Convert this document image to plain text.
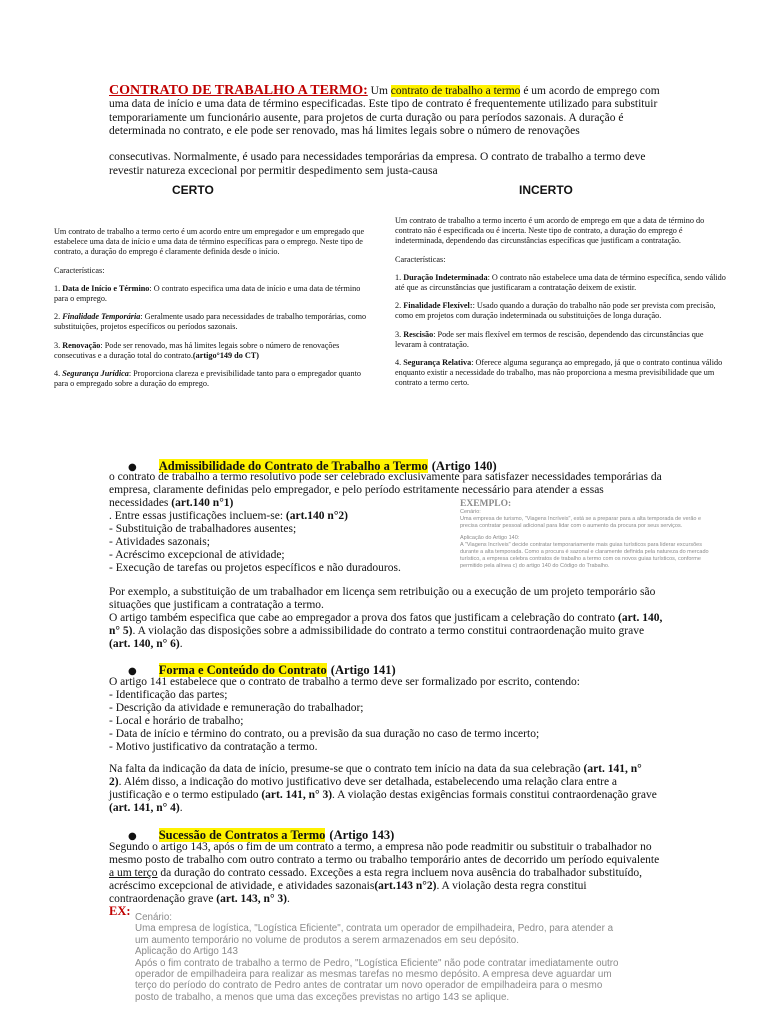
CONTRATO DE TRABALHO A TERMO: Um contrato de trabalho a termo é um acordo de emprego com uma data de início e uma data de término especificadas. Este tipo de contrato é frequentemente utilizado para substituir temporariamente um funcionário ausente, para projetos de curta duração ou para períodos sazonais. A duração é determinada no contrato, e ele pode ser renovado, mas há limites legais sobre o número de renovações
consecutivas. Normalmente, é usado para necessidades temporárias da empresa. O contrato de trabalho a termo deve revestir natureza excecional por permitir despedimento sem justa-causa
CERTO

Um contrato de trabalho a termo certo é um acordo entre um empregador e um empregado que estabelece uma data de início e uma data de término específicas para o emprego. Neste tipo de contrato, a duração do emprego é claramente definida desde o início.

Características:

1. Data de Início e Término: O contrato especifica uma data de início e uma data de término para o emprego.

2. Finalidade Temporária: Geralmente usado para necessidades de trabalho temporárias, como substituições, projetos específicos ou períodos sazonais.

3. Renovação: Pode ser renovado, mas há limites legais sobre o número de renovações consecutivas e a duração total do contrato.(artigo°149 do CT)

4. Segurança Jurídica: Proporciona clareza e previsibilidade tanto para o empregador quanto para o empregado sobre a duração do emprego.

INCERTO

Um contrato de trabalho a termo incerto é um acordo de emprego em que a data de término do contrato não é especificada ou é incerta. Neste tipo de contrato, a duração do emprego é indeterminada, dependendo das circunstâncias específicas que justificam a contratação.

Características:

1. Duração Indeterminada: O contrato não estabelece uma data de término específica, sendo válido até que as circunstâncias que justificaram a contratação deixem de existir.

2. Finalidade Flexível:: Usado quando a duração do trabalho não pode ser prevista com precisão, como em projetos com duração indeterminada ou substituições de longa duração.

3. Rescisão: Pode ser mais flexível em termos de rescisão, dependendo das circunstâncias que levaram à contratação.

4. Segurança Relativa: Oferece alguma segurança ao empregado, já que o contrato continua válido enquanto existir a necessidade do trabalho, mas não proporciona a mesma previsibilidade que um contrato a termo certo.

● Admissibilidade do Contrato de Trabalho a Termo (Artigo 140)
o contrato de trabalho a termo resolutivo pode ser celebrado exclusivamente para satisfazer necessidades temporárias da empresa, claramente definidas pelo empregador, e pelo período estritamente necessário para atender a essas necessidades (art.140 n°1)

. Entre essas justificações incluem-se: (art.140 n°2)

- Substituição de trabalhadores ausentes;

- Atividades sazonais;

- Acréscimo excepcional de atividade;

- Execução de tarefas ou projetos específicos e não duradouros.

EXEMPLO:
Cenário:
Uma empresa de turismo, "Viagens Incríveis", está se a preparar para a alta temporada de verão e precisa contratar pessoal adicional para lidar com o aumento da procura por seus serviços.
Aplicação do Artigo 140:
A "Viagens Incríveis" decide contratar temporariamente mais guias turísticos para liderar excursões durante a alta temporada. Como a procura é sazonal e claramente definida pela natureza do mercado turístico, a empresa celebra contratos de trabalho a termo com os novos guias turísticos, conforme permitido pela alínea c) do artigo 140 do Código do Trabalho.
Por exemplo, a substituição de um trabalhador em licença sem retribuição ou a execução de um projeto temporário são situações que justificam a contratação a termo.
O artigo também especifica que cabe ao empregador a prova dos fatos que justificam a celebração do contrato (art. 140, n° 5). A violação das disposições sobre a admissibilidade do contrato a termo constitui contraordenação muito grave (art. 140, n° 6).
● Forma e Conteúdo do Contrato (Artigo 141)

O artigo 141 estabelece que o contrato de trabalho a termo deve ser formalizado por escrito, contendo:

- Identificação das partes;

- Descrição da atividade e remuneração do trabalhador;

- Local e horário de trabalho;

- Data de início e término do contrato, ou a previsão da sua duração no caso de termo incerto;

- Motivo justificativo da contratação a termo.

Na falta da indicação da data de início, presume-se que o contrato tem início na data da sua celebração (art. 141, n° 2). Além disso, a indicação do motivo justificativo deve ser detalhada, estabelecendo uma relação clara entre a justificação e o termo estipulado (art. 141, n° 3). A violação destas exigências formais constitui contraordenação grave (art. 141, n° 4).
● Sucessão de Contratos a Termo (Artigo 143)
Segundo o artigo 143, após o fim de um contrato a termo, a empresa não pode readmitir ou substituir o trabalhador no mesmo posto de trabalho com outro contrato a termo ou trabalho temporário antes de decorrido um período equivalente a um terço da duração do contrato cessado. Exceções a esta regra incluem nova ausência do trabalhador substituído, acréscimo excepcional de atividade, e atividades sazonais(art.143 n°2). A violação desta regra constitui contraordenação grave (art. 143, n° 3).
EX: Cenário:
Uma empresa de logística, "Logística Eficiente", contrata um operador de empilhadeira, Pedro, para atender a um aumento temporário no volume de produtos a serem armazenados em seu depósito.
Aplicação do Artigo 143
Após o fim contrato de trabalho a termo de Pedro, "Logística Eficiente" não pode contratar imediatamente outro operador de empilhadeira para realizar as mesmas tarefas no mesmo depósito. A empresa deve aguardar um terço do período do contrato de Pedro antes de contratar um novo operador de empilhadeira para o mesmo posto de trabalho, a menos que uma das exceções previstas no artigo 143 se aplique.
